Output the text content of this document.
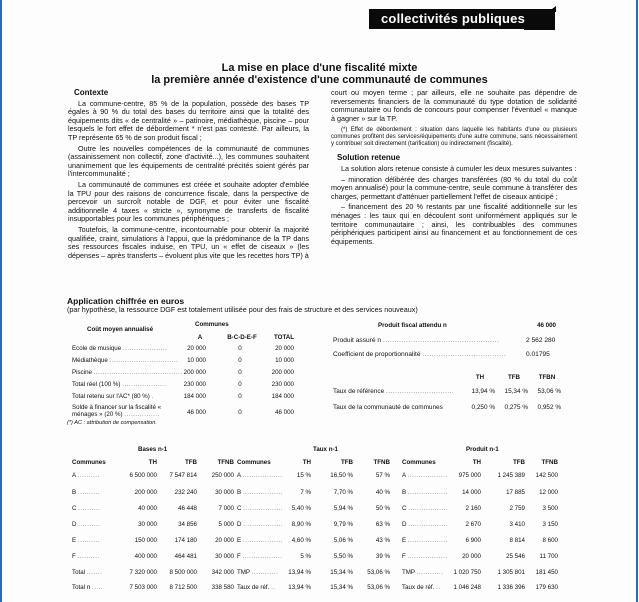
collectivités publiques
La mise en place d'une fiscalité mixte
la première année d'existence d'une communauté de communes
Contexte

La commune-centre, 85 % de la population, possède des bases TP égales à 90 % du total des bases du territoire ainsi que la totalité des équipements dits « de centralité » – patinoire, médiathèque, piscine – pour lesquels le fort effet de débordement * n'est pas contesté. Par ailleurs, la TP représente 65 % de son produit fiscal ;

Outre les nouvelles compétences de la communauté de communes (assainissement non collectif, zone d'activité...), les communes souhaitent unanimement que les équipements de centralité précités soient gérés par l'intercommunalité ;

La communauté de communes est créée et souhaite adopter d'emblée la TPU pour des raisons de concurrence fiscale, dans la perspective de percevoir un surcroît notable de DGF, et pour éviter une fiscalité additionnelle 4 taxes « stricte », synonyme de transferts de fiscalité insupportables pour les communes périphériques ;

Toutefois, la commune-centre, incontournable pour obtenir la majorité qualifiée, craint, simulations à l'appui, que la prédominance de la TP dans ses ressources fiscales induise, en TPU, un « effet de ciseaux » (les dépenses – après transferts – évoluent plus vite que les recettes hors TP) à

court ou moyen terme ; par ailleurs, elle ne souhaite pas dépendre de reversements financiers de la communauté du type dotation de solidarité communautaire ou fonds de concours pour compenser l'éventuel « manque à gagner » sur la TP.

(*) Effet de débordement : situation dans laquelle les habitants d'une ou plusieurs communes profitent des services/équipements d'une autre commune, sans nécessairement y contribuer soit directement (tarification) ou indirectement (fiscalité).

Solution retenue

La solution alors retenue consiste à cumuler les deux mesures suivantes :

– minoration délibérée des charges transférées (80 % du total du coût moyen annualisé) pour la commune-centre, seule commune à transférer des charges, permettant d'atténuer partiellement l'effet de ciseaux anticipé ;

– financement des 20 % restants par une fiscalité additionnelle sur les ménages : les taux qui en découlent sont uniformément appliqués sur le territoire communautaire ; ainsi, les contribuables des communes périphériques participent ainsi au financement et au fonctionnement de ces équipements.

Application chiffrée en euros
(par hypothèse, la ressource DGF est totalement utilisée pour des frais de structure et des services nouveaux)
Communes
Coût moyen annualisé
A	B-C-D-E-F	TOTAL
Ecole de musique ....................	20 000	0	20 000
Médiathèque ...............................	10 000	0	10 000
Piscine ........................................ 200 000	0	200 000
Total réel (100 %) ....................	230 000	0	230 000
Total retenu sur l'AC* (80 %) .	184 000	0	184 000
Solde à financer sur la fiscalité « ménages » (20 %) ................	46 000	0	46 000
(*) AC : attribution de compensation.
Produit fiscal attendu n	46 000
Produit assuré n ..................................................	2 562 280
Coefficient de proportionnalité ....................................	0.01795
TH	TFB	TFBN
Taux de référence ..............................	13,94 %	15,34 %	53,06 %
Taux de la communauté de communes	0,250 %	0,275 %	0,952 %
Bases n-1
Communes	TH	TFB	TFNB
A ..........	6 500 000	7 547 814	250 000
B ..........	200 000	232 240	30 000
C ..........	40 000	46 448	7 000
D ..........	30 000	34 856	5 000
E ..........	150 000	174 180	20 000
F ..........	400 000	464 481	30 000
Total .......	7 320 000	8 500 000	342 000
Total n .....	7 503 000	8 712 500	338 580
Taux n-1
Communes	TH	TFB	TFNB
A ..................	15 %	16,50 %	57 %
B ..................	7 %	7,70 %	40 %
C ..................	5,40 %	5,94 %	50 %
D ..................	8,90 %	9,79 %	63 %
E ..................	4,60 %	5,06 %	43 %
F ..................	5 %	5,50 %	39 %
TMP ............	13,94 %	15,34 %	53,06 %
Taux de réf. ..	13,94 %	15,34 %	53,06 %
Produit n-1
Communes	TH	TFB	TFNB
A ..................	975 000	1 245 389	142 500
B ..................	14 000	17 885	12 000
C ..................	2 160	2 759	3 500
D ..................	2 670	3 410	3 150
E ..................	6 900	8 814	8 600
F ..................	20 000	25 546	11 700
TMP ............	1 020 750	1 305 801	181 450
Taux de réf. ..	1 046 248	1 336 396	179 630
